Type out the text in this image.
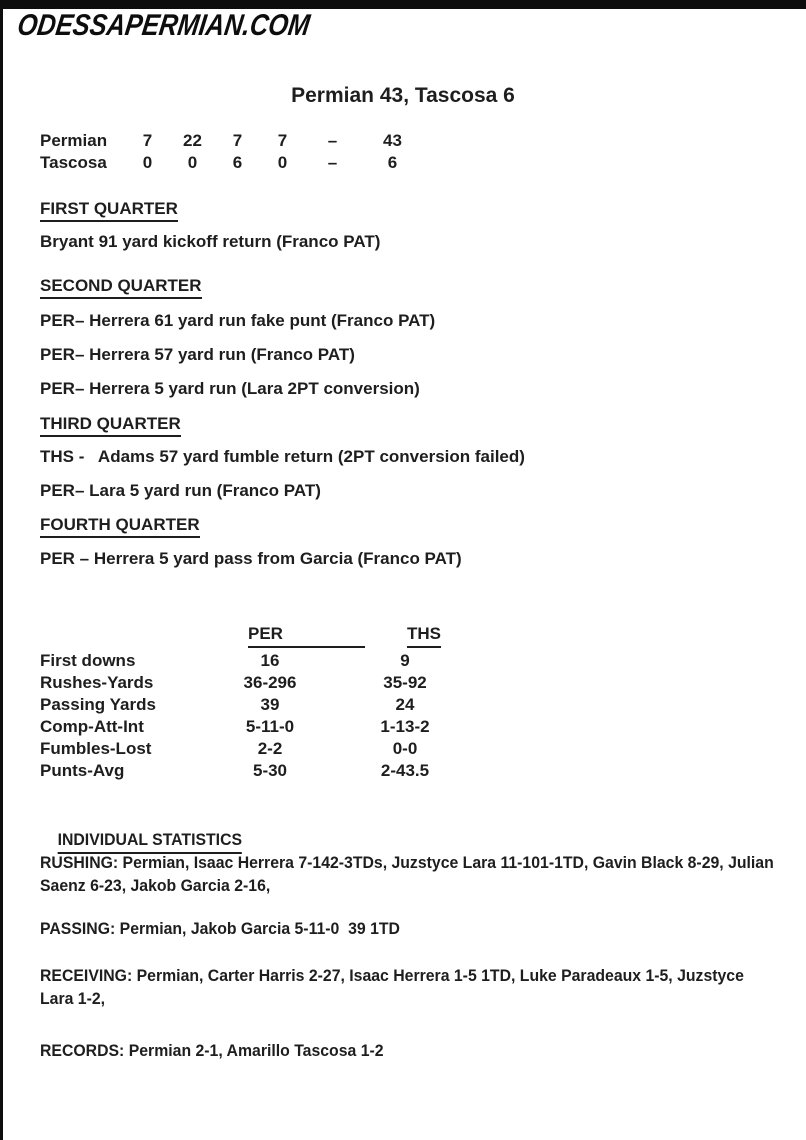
ODESSAPERMIAN.COM
Permian 43, Tascosa 6
Permian	7	22	7	7	–	43
Tascosa	0	0	6	0	–	6
FIRST QUARTER
Bryant 91 yard kickoff return (Franco PAT)
SECOND QUARTER
PER– Herrera 61 yard run fake punt (Franco PAT)
PER– Herrera 57 yard run (Franco PAT)
PER– Herrera 5 yard run (Lara 2PT conversion)
THIRD QUARTER
THS -   Adams 57 yard fumble return (2PT conversion failed)
PER– Lara 5 yard run (Franco PAT)
FOURTH QUARTER
PER – Herrera 5 yard pass from Garcia (Franco PAT)
PER	THS
First downs	16	9
Rushes-Yards	36-296	35-92
Passing Yards	39	24
Comp-Att-Int	5-11-0	1-13-2
Fumbles-Lost	2-2	0-0
Punts-Avg	5-30	2-43.5

INDIVIDUAL STATISTICS

RUSHING: Permian, Isaac Herrera 7-142-3TDs, Juzstyce Lara 11-101-1TD, Gavin Black 8-29, Julian Saenz 6-23, Jakob Garcia 2-16,
PASSING: Permian, Jakob Garcia 5-11-0  39 1TD
RECEIVING: Permian, Carter Harris 2-27, Isaac Herrera 1-5 1TD, Luke Paradeaux 1-5, Juzstyce Lara 1-2,
RECORDS: Permian 2-1, Amarillo Tascosa 1-2
